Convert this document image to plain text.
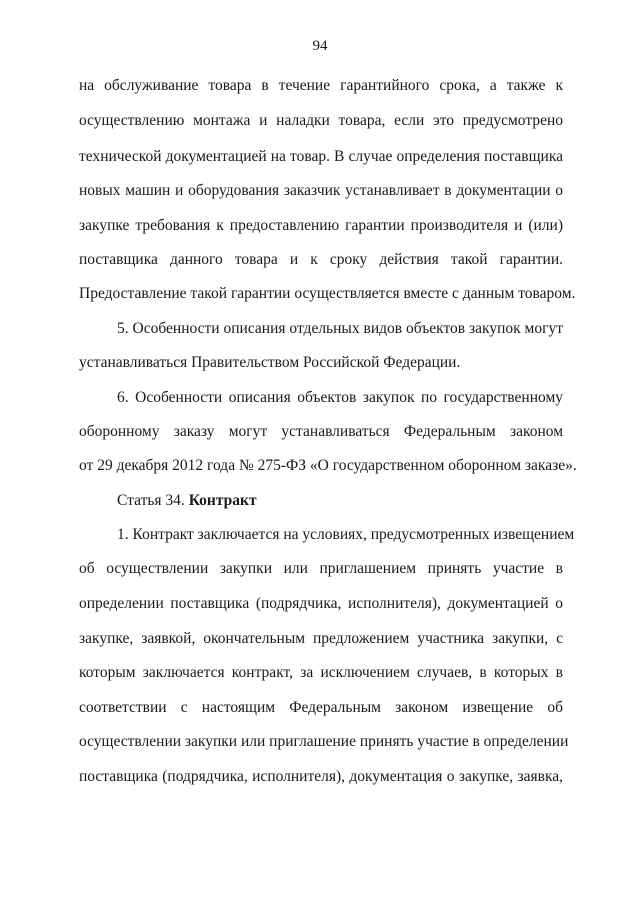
94
на обслуживание товара в течение гарантийного срока, а также к
осуществлению монтажа и наладки товара, если это предусмотрено
технической документацией на товар. В случае определения поставщика
новых машин и оборудования заказчик устанавливает в документации о
закупке требования к предоставлению гарантии производителя и (или)
поставщика данного товара и к сроку действия такой гарантии.
Предоставление такой гарантии осуществляется вместе с данным товаром.
5. Особенности описания отдельных видов объектов закупок могут
устанавливаться Правительством Российской Федерации.
6. Особенности описания объектов закупок по государственному
оборонному заказу могут устанавливаться Федеральным законом
от 29 декабря 2012 года № 275-ФЗ «О государственном оборонном заказе».
Статья 34. Контракт
1. Контракт заключается на условиях, предусмотренных извещением
об осуществлении закупки или приглашением принять участие в
определении поставщика (подрядчика, исполнителя), документацией о
закупке, заявкой, окончательным предложением участника закупки, с
которым заключается контракт, за исключением случаев, в которых в
соответствии с настоящим Федеральным законом извещение об
осуществлении закупки или приглашение принять участие в определении
поставщика (подрядчика, исполнителя), документация о закупке, заявка,
